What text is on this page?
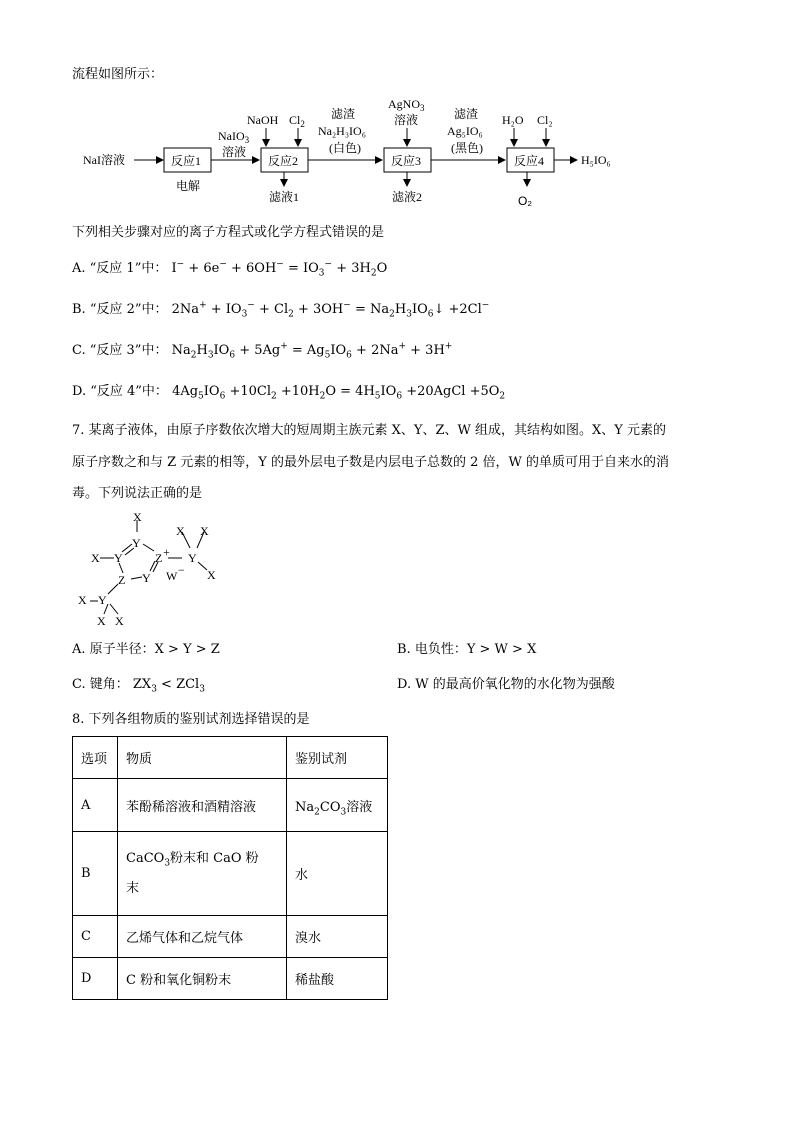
流程如图所示：
NaI溶液	反应1
电解
NaIO$_3$
溶液
反应2
NaOH $Cl_2$
滤液1
滤渣
Na₂H₃IO₆
(白色)
反应3
AgNO$_3$
溶液
滤液2
滤渣
Ag₅IO₆
(黑色)
反应4
H₂O Cl₂
O₂
H₅IO₆
下列相关步骤对应的离子方程式或化学方程式错误的是
A. “反应 1”中： $I^- + 6e^- + 6OH^- = IO_3^- + 3H_2O$
B. “反应 2”中： $2Na^+ + IO_3^- + Cl_2 + 3OH^-$ = $Na_2H_3IO_6↓ +2Cl^-$
C. “反应 3”中： $Na_2H_3IO_6 + 5Ag^+ = Ag_5IO_6 + 2Na^+ + 3H^+$
D. “反应 4”中： $4Ag_5IO_6 +10Cl_2 +10H_2O = 4H_5IO_6$ +20AgCl $+5O_2$
7. 某离子液体，由原子序数依次增大的短周期主族元素 X、Y、Z、W 组成，其结构如图。X、Y 元素的
原子序数之和与 Z 元素的相等，Y 的最外层电子数是内层电子总数的 2 倍，W 的单质可用于自来水的消
毒。下列说法正确的是
X
Y
X Y	Z +
Z Y
X X
Y
X
W −
Y
X
X X
A. 原子半径：X > Y > Z	B. 电负性：Y > W > X
C. 键角： $ZX_3 < ZCl_3$	D. W 的最高价氧化物的水化物为强酸
8. 下列各组物质的鉴别试剂选择错误的是
选项	物质	鉴别试剂
A	苯酚稀溶液和酒精溶液	$Na_2CO_3$溶液
B	CaCO$_3$粉末和 CaO 粉
末	水
C	乙烯气体和乙烷气体	溴水
D	C 粉和氧化铜粉末	稀盐酸
